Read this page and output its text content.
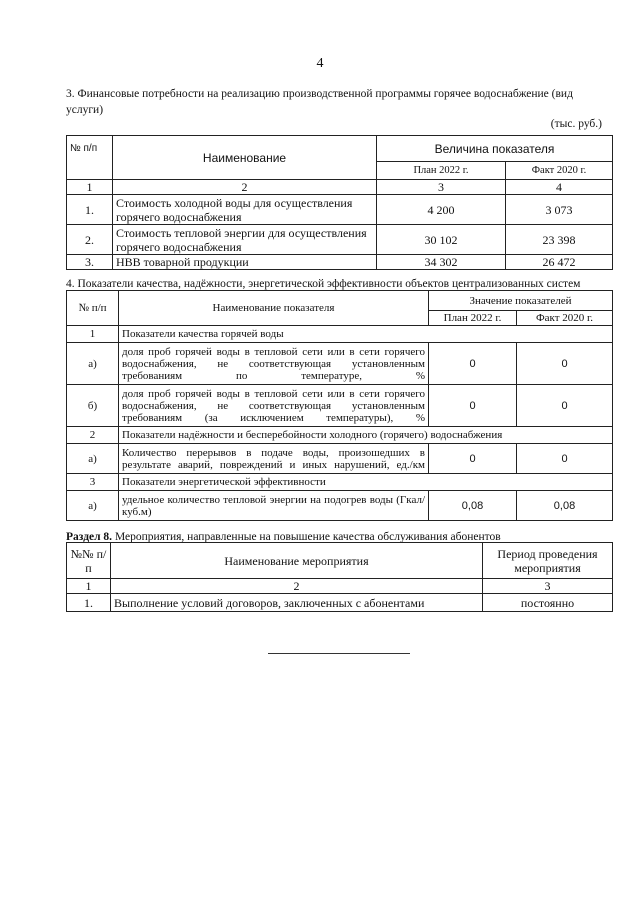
4
3. Финансовые потребности на реализацию производственной программы горячее водоснабжение (вид услуги)
(тыс. руб.)
№ п/п	Наименование	Величина показателя	
		План 2022 г.	Факт 2020 г.
1	2	3	4
1.	Стоимость холодной воды для осуществления горячего водоснабжения	4 200	3 073
2.	Стоимость тепловой энергии для осуществления горячего водоснабжения	30 102	23 398
3.	НВВ товарной продукции	34 302	26 472
4. Показатели качества, надёжности, энергетической эффективности объектов централизованных систем
№ п/п	Наименование показателя	Значение показателей	
		План 2022 г.	Факт 2020 г.
1	Показатели качества горячей воды		
а)	доля проб горячей воды в тепловой сети или в сети горячего водоснабжения, не соответствующая установленным требованиям по температуре, %	0	0
б)	доля проб горячей воды в тепловой сети или в сети горячего водоснабжения, не соответствующая установленным требованиям (за исключением температуры), %	0	0
2	Показатели надёжности и бесперебойности холодного (горячего) водоснабжения		
а)	Количество перерывов в подаче воды, произошедших в результате аварий, повреждений и иных нарушений, ед./км	0	0
3	Показатели энергетической эффективности		
а)	удельное количество тепловой энергии на подогрев воды (Гкал/куб.м)	0,08	0,08
Раздел 8. Мероприятия, направленные на повышение качества обслуживания абонентов
№№ п/п	Наименование мероприятия	Период проведения мероприятия
1	2	3
1.	Выполнение условий договоров, заключенных с абонентами	постоянно
